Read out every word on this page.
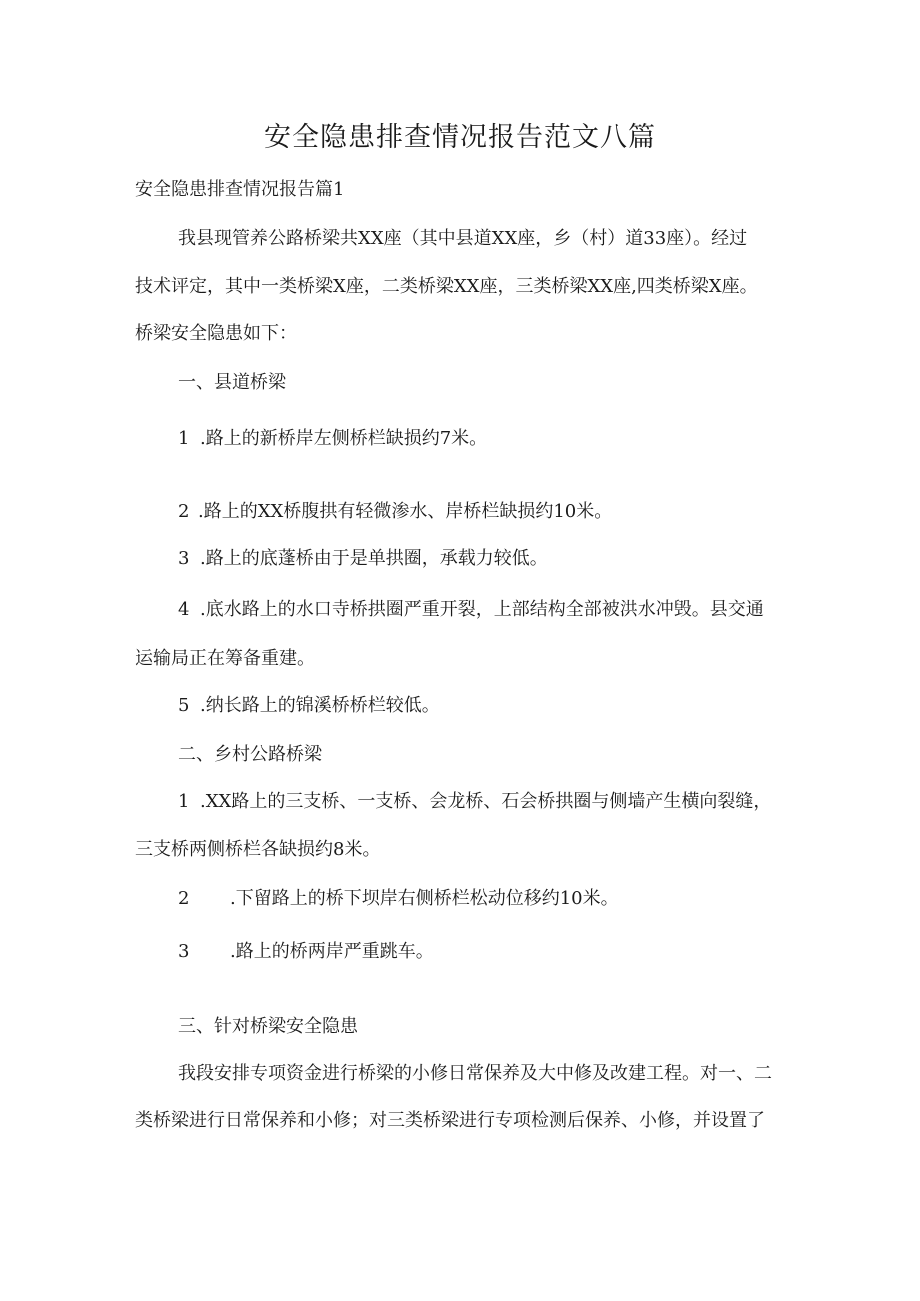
安全隐患排查情况报告范文八篇
安全隐患排查情况报告篇1
我县现管养公路桥梁共XX座（其中县道XX座，乡（村）道33座）。经过
技术评定，其中一类桥梁X座，二类桥梁XX座，三类桥梁XX座,四类桥梁X座。
桥梁安全隐患如下：
一、县道桥梁
1 .路上的新桥岸左侧桥栏缺损约7米。
2 .路上的XX桥腹拱有轻微渗水、岸桥栏缺损约10米。
3 .路上的底蓬桥由于是单拱圈，承载力较低。
4 .底水路上的水口寺桥拱圈严重开裂，上部结构全部被洪水冲毁。县交通
运输局正在筹备重建。
5 .纳长路上的锦溪桥桥栏较低。
二、乡村公路桥梁
1 .XX路上的三支桥、一支桥、会龙桥、石会桥拱圈与侧墙产生横向裂缝，
三支桥两侧桥栏各缺损约8米。
2 .下留路上的桥下坝岸右侧桥栏松动位移约10米。
3 .路上的桥两岸严重跳车。
三、针对桥梁安全隐患
我段安排专项资金进行桥梁的小修日常保养及大中修及改建工程。对一、二
类桥梁进行日常保养和小修；对三类桥梁进行专项检测后保养、小修，并设置了
